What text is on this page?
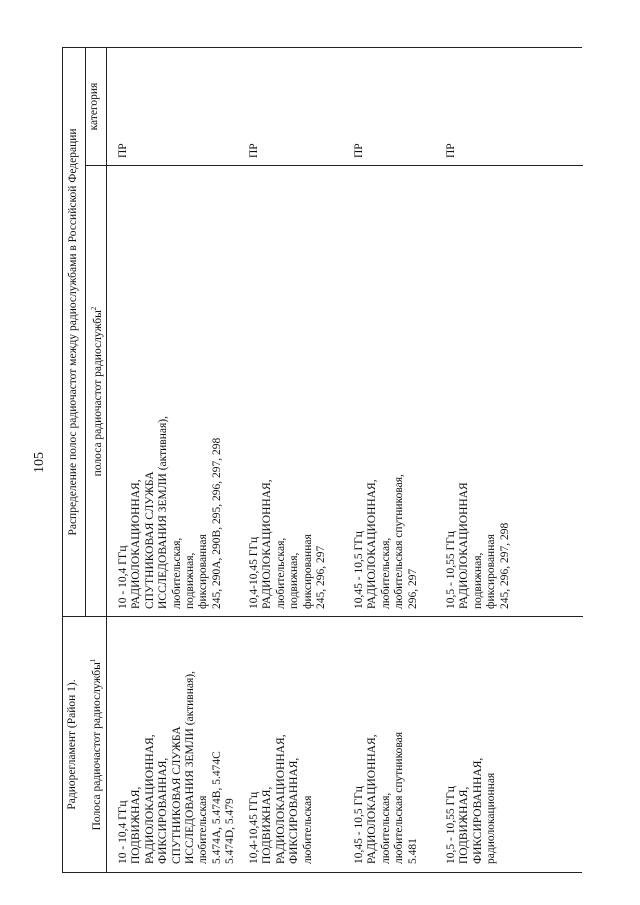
105
Радиорегламент (Район 1).	Полоса радиочастот радиослужбы$^1$
Распределение полос радиочастот между радиослужбами в Российской Федерации	полоса радиочастот радиослужбы$^2$
категория
10 - 10,4 ГГц ПОДВИЖНАЯ, РАДИОЛОКАЦИОННАЯ, ФИКСИРОВАННАЯ, СПУТНИКОВАЯ СЛУЖБА ИССЛЕДОВАНИЯ ЗЕМЛИ (активная), любительская 5.474A, 5.474B, 5.474C 5.474D, 5.479
10 - 10,4 ГГц РАДИОЛОКАЦИОННАЯ, СПУТНИКОВАЯ СЛУЖБА ИССЛЕДОВАНИЯ ЗЕМЛИ (активная), любительская, подвижная, фиксированная 245, 290А, 290В, 295, 296, 297, 298
ПР
10,4-10,45 ГГц ПОДВИЖНАЯ, РАДИОЛОКАЦИОННАЯ, ФИКСИРОВАННАЯ, любительская
10,4-10,45 ГГц РАДИОЛОКАЦИОННАЯ, любительская, подвижная, фиксированная 245, 296, 297
ПР
10,45 - 10,5 ГГц РАДИОЛОКАЦИОННАЯ, любительская, любительская спутниковая 5.481
10,45 - 10,5 ГГц РАДИОЛОКАЦИОННАЯ, любительская, любительская спутниковая, 296, 297
ПР
10,5 - 10,55 ГГц ПОДВИЖНАЯ, ФИКСИРОВАННАЯ, радиолокационная
10,5 - 10,55 ГГц РАДИОЛОКАЦИОННАЯ подвижная, фиксированная 245, 296, 297, 298
ПР
